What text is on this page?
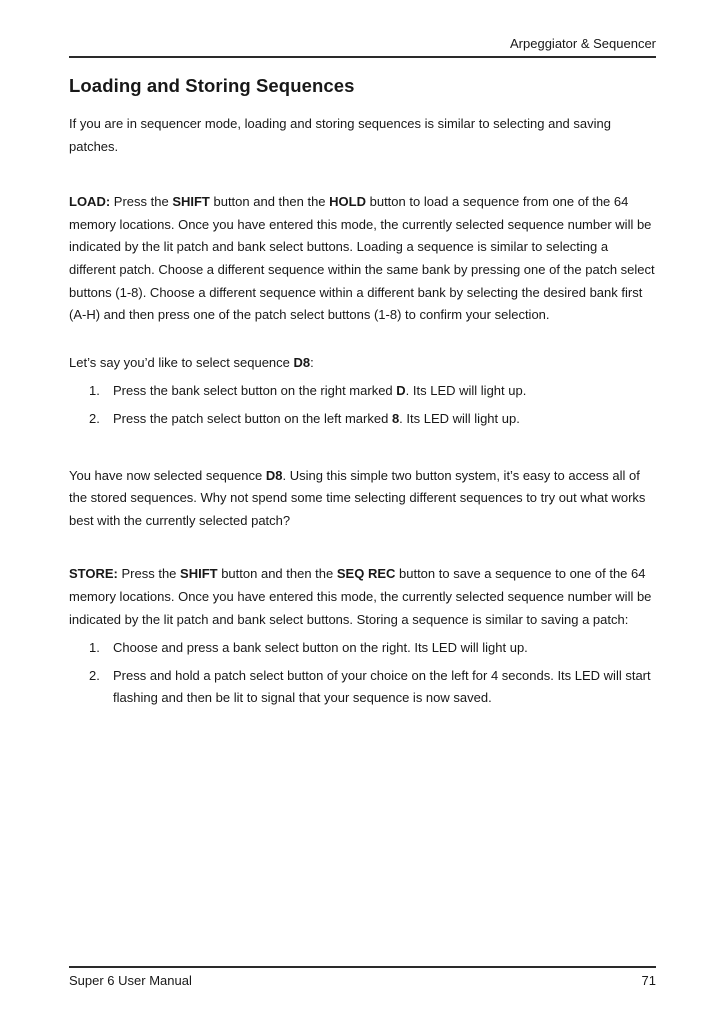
Arpeggiator & Sequencer
Loading and Storing Sequences

If you are in sequencer mode, loading and storing sequences is similar to selecting and saving patches.

LOAD: Press the SHIFT button and then the HOLD button to load a sequence from one of the 64 memory locations. Once you have entered this mode, the currently selected sequence number will be indicated by the lit patch and bank select buttons. Loading a sequence is similar to selecting a different patch. Choose a different sequence within the same bank by pressing one of the patch select buttons (1-8). Choose a different sequence within a different bank by selecting the desired bank first (A-H) and then press one of the patch select buttons (1-8) to confirm your selection.

Let’s say you’d like to select sequence D8:

1. Press the bank select button on the right marked D. Its LED will light up.
2. Press the patch select button on the left marked 8. Its LED will light up.

You have now selected sequence D8. Using this simple two button system, it’s easy to access all of the stored sequences. Why not spend some time selecting different sequences to try out what works best with the currently selected patch?

STORE: Press the SHIFT button and then the SEQ REC button to save a sequence to one of the 64 memory locations. Once you have entered this mode, the currently selected sequence number will be indicated by the lit patch and bank select buttons. Storing a sequence is similar to saving a patch:

1. Choose and press a bank select button on the right. Its LED will light up.
2. Press and hold a patch select button of your choice on the left for 4 seconds. Its LED will start flashing and then be lit to signal that your sequence is now saved.
Super 6 User Manual	71
